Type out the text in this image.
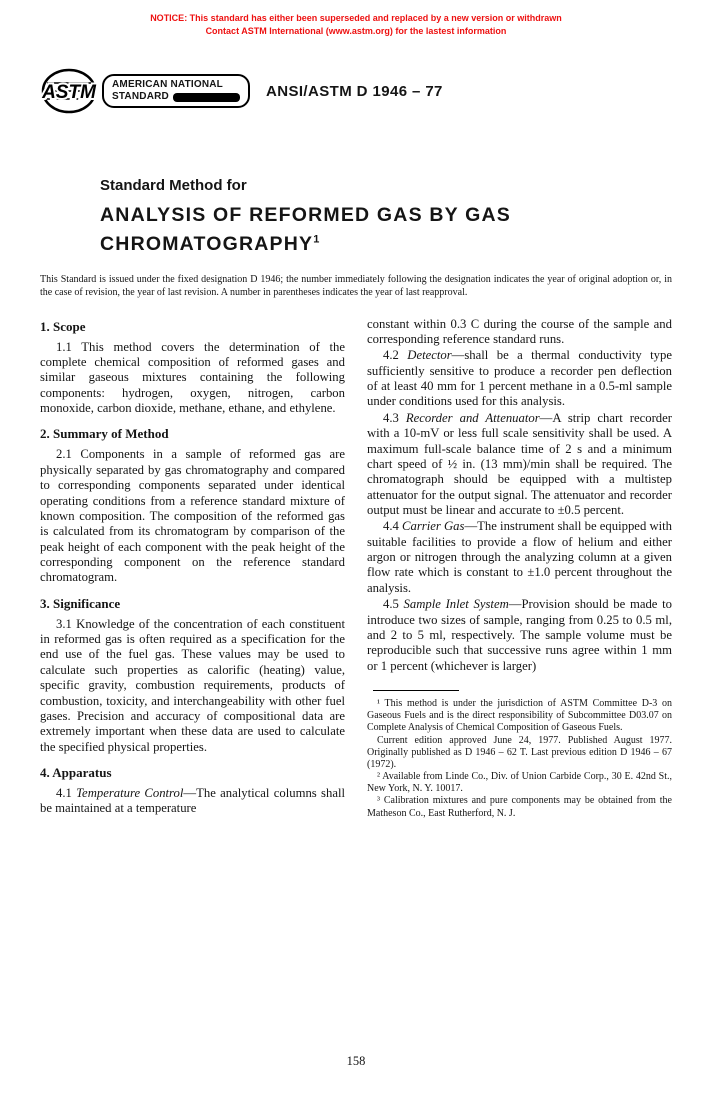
NOTICE: This standard has either been superseded and replaced by a new version or withdrawn
Contact ASTM International (www.astm.org) for the lastest information
ASTM AMERICAN NATIONAL
STANDARD	ANSI/ASTM D 1946 – 77
Standard Method for
ANALYSIS OF REFORMED GAS BY GAS
CHROMATOGRAPHY$^1$

This Standard is issued under the fixed designation D 1946; the number immediately following the designation indicates the year of original adoption or, in the case of revision, the year of last revision. A number in parentheses indicates the year of last reapproval.

1. Scope

1.1 This method covers the determination of the complete chemical composition of reformed gases and similar gaseous mixtures containing the following components: hydrogen, oxygen, nitrogen, carbon monoxide, carbon dioxide, methane, ethane, and ethylene.

2. Summary of Method

2.1 Components in a sample of reformed gas are physically separated by gas chromatography and compared to corresponding components separated under identical operating conditions from a reference standard mixture of known composition. The composition of the reformed gas is calculated from its chromatogram by comparison of the peak height of each component with the peak height of the corresponding component on the reference standard chromatogram.

3. Significance

3.1 Knowledge of the concentration of each constituent in reformed gas is often required as a specification for the end use of the fuel gas. These values may be used to calculate such properties as calorific (heating) value, specific gravity, combustion requirements, products of combustion, toxicity, and interchangeability with other fuel gases. Precision and accuracy of compositional data are extremely important when these data are used to calculate the specified physical properties.

4. Apparatus

4.1 Temperature Control—The analytical columns shall be maintained at a temperature

constant within 0.3 C during the course of the sample and corresponding reference standard runs.

4.2 Detector—shall be a thermal conductivity type sufficiently sensitive to produce a recorder pen deflection of at least 40 mm for 1 percent methane in a 0.5-ml sample under conditions used for this analysis.

4.3 Recorder and Attenuator—A strip chart recorder with a 10-mV or less full scale sensitivity shall be used. A maximum full-scale balance time of 2 s and a minimum chart speed of ½ in. (13 mm)/min shall be required. The chromatograph should be equipped with a multistep attenuator for the output signal. The attenuator and recorder output must be linear and accurate to ±0.5 percent.

4.4 Carrier Gas—The instrument shall be equipped with suitable facilities to provide a flow of helium and either argon or nitrogen through the analyzing column at a given flow rate which is constant to ±1.0 percent throughout the analysis.

4.5 Sample Inlet System—Provision should be made to introduce two sizes of sample, ranging from 0.25 to 0.5 ml, and 2 to 5 ml, respectively. The sample volume must be reproducible such that successive runs agree within 1 mm or 1 percent (whichever is larger)

¹ This method is under the jurisdiction of ASTM Committee D-3 on Gaseous Fuels and is the direct responsibility of Subcommittee D03.07 on Complete Analysis of Chemical Composition of Gaseous Fuels.

Current edition approved June 24, 1977. Published August 1977. Originally published as D 1946 – 62 T. Last previous edition D 1946 – 67 (1972).

² Available from Linde Co., Div. of Union Carbide Corp., 30 E. 42nd St., New York, N. Y. 10017.

³ Calibration mixtures and pure components may be obtained from the Matheson Co., East Rutherford, N. J.

158
